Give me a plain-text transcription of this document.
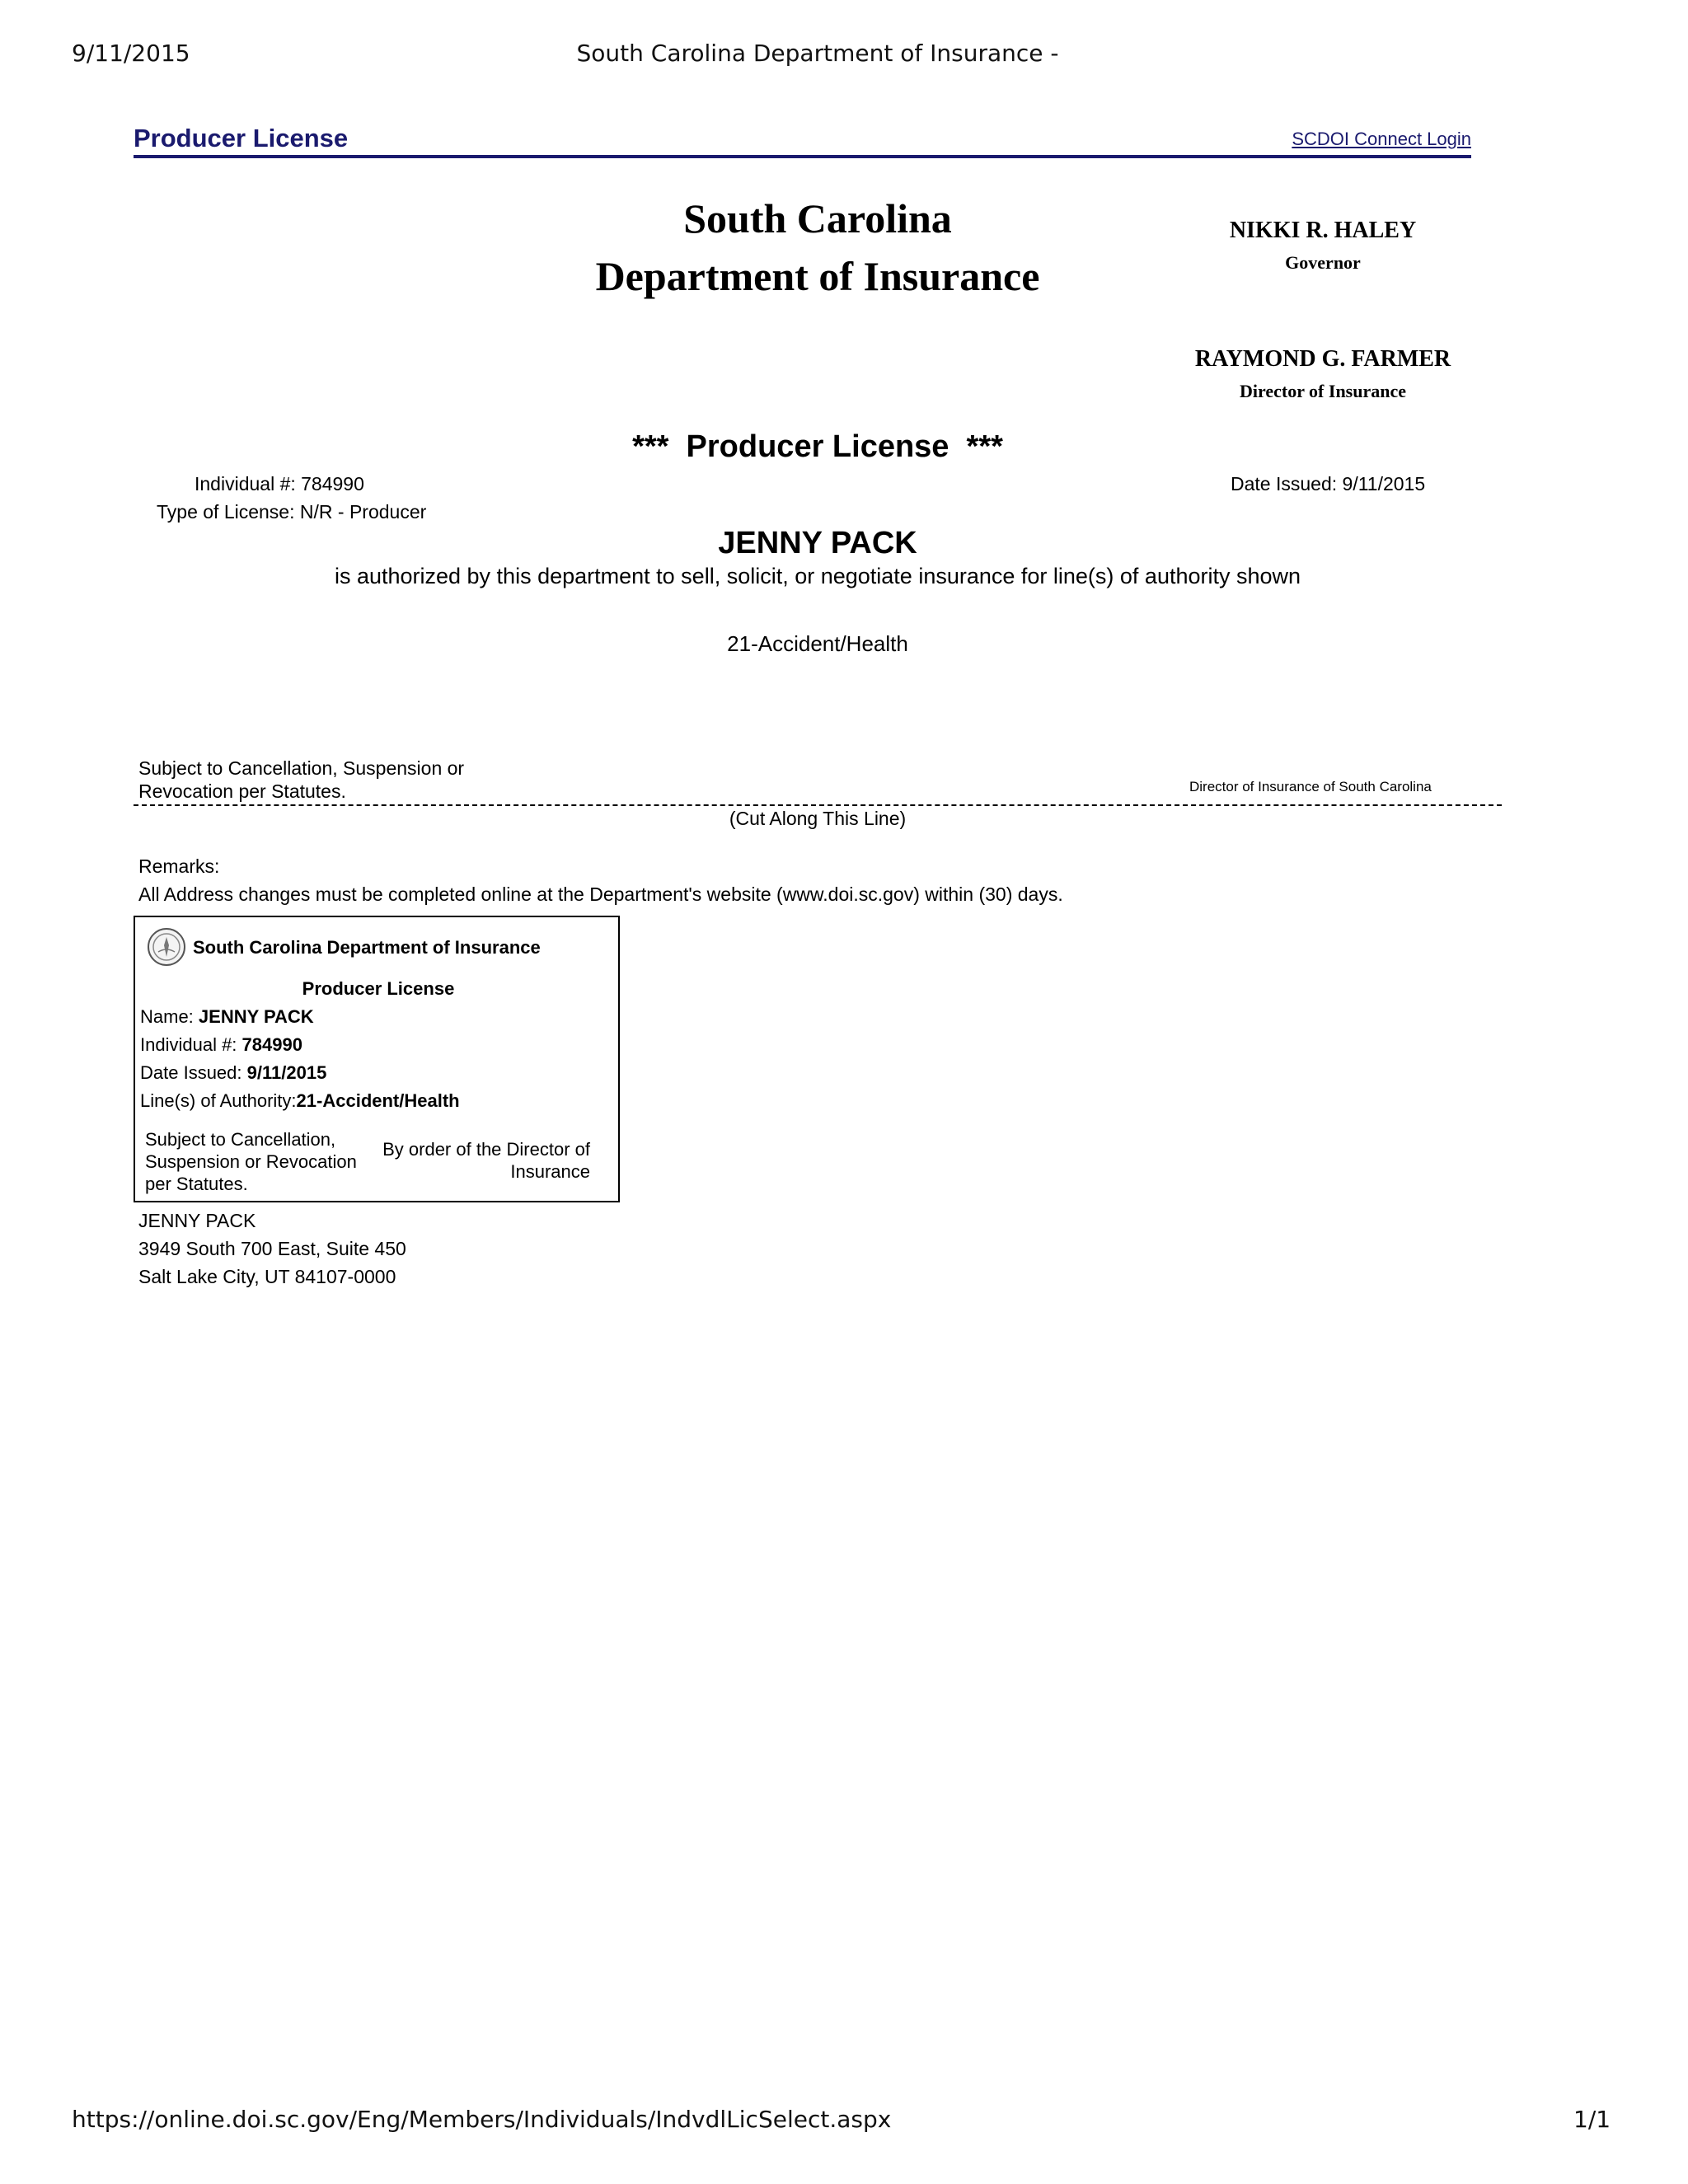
9/11/2015	South Carolina Department of Insurance -
Producer License	SCDOI Connect Login
South Carolina
Department of Insurance
NIKKI R. HALEY
Governor
RAYMOND G. FARMER
Director of Insurance
***  Producer License  ***
Individual #: 784990	Date Issued: 9/11/2015
Type of License: N/R - Producer
JENNY PACK
is authorized by this department to sell, solicit, or negotiate insurance for line(s) of authority shown
21-Accident/Health
Subject to Cancellation, Suspension or Revocation per Statutes.	Director of Insurance of South Carolina
(Cut Along This Line)
Remarks:
All Address changes must be completed online at the Department's website (www.doi.sc.gov) within (30) days.
South Carolina Department of Insurance
Producer License
Name: JENNY PACK
Individual #: 784990
Date Issued: 9/11/2015
Line(s) of Authority:21-Accident/Health
Subject to Cancellation, Suspension or Revocation per Statutes.
By order of the Director of Insurance
JENNY PACK
3949 South 700 East, Suite 450
Salt Lake City, UT 84107-0000
https://online.doi.sc.gov/Eng/Members/Individuals/IndvdlLicSelect.aspx	1/1
